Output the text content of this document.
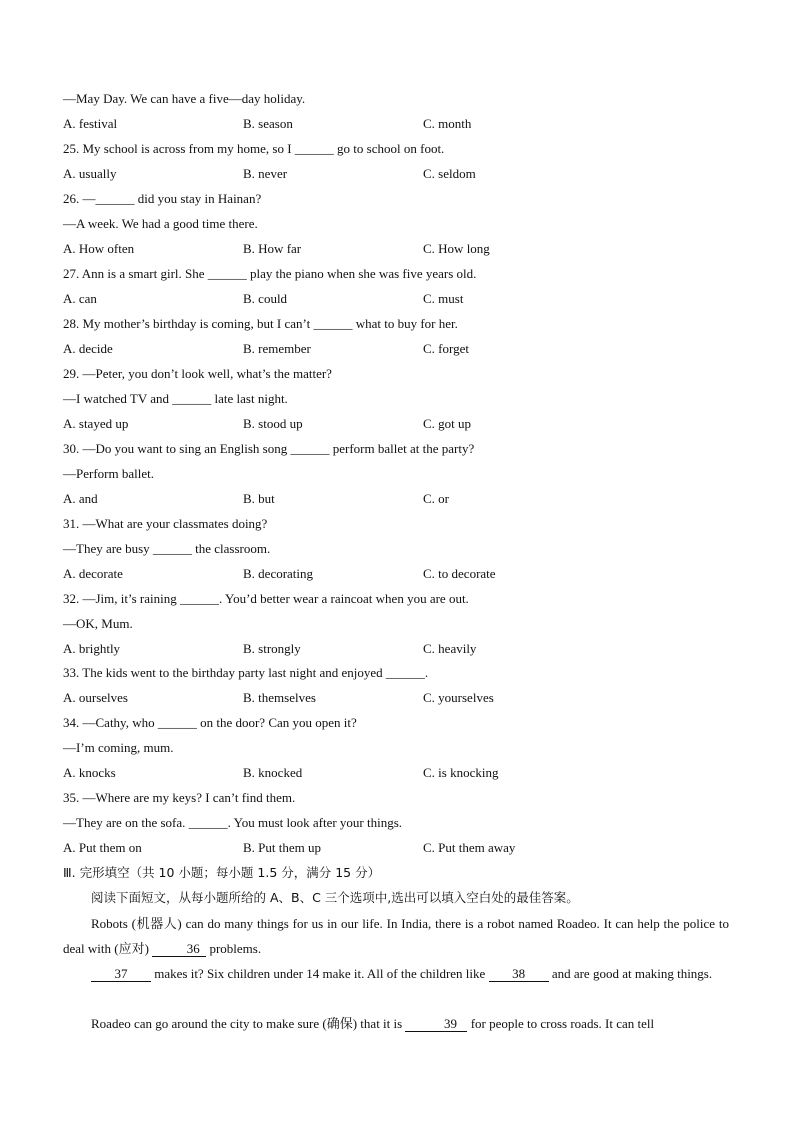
—May Day. We can have a five—day holiday.
A. festival	B. season	C. month
25. My school is across from my home, so I ______ go to school on foot.
A. usually	B. never	C. seldom
26. —______ did you stay in Hainan?
—A week. We had a good time there.
A. How often	B. How far	C. How long
27. Ann is a smart girl. She ______ play the piano when she was five years old.
A. can	B. could	C. must
28. My mother’s birthday is coming, but I can’t ______ what to buy for her.
A. decide	B. remember	C. forget
29. —Peter, you don’t look well, what’s the matter?
—I watched TV and ______ late last night.
A. stayed up	B. stood up	C. got up
30. —Do you want to sing an English song ______ perform ballet at the party?
—Perform ballet.
A. and	B. but	C. or
31. —What are your classmates doing?
—They are busy ______ the classroom.
A. decorate	B. decorating	C. to decorate
32. —Jim, it’s raining ______. You’d better wear a raincoat when you are out.
—OK, Mum.
A. brightly	B. strongly	C. heavily
33. The kids went to the birthday party last night and enjoyed ______.
A. ourselves	B. themselves	C. yourselves
34. —Cathy, who ______ on the door? Can you open it?
—I’m coming, mum.
A. knocks	B. knocked	C. is knocking
35. —Where are my keys? I can’t find them.
—They are on the sofa. ______. You must look after your things.
A. Put them on	B. Put them up	C. Put them away
Ⅲ. 完形填空（共 10 小题；每小题 1.5 分，满分 15 分）
阅读下面短文，从每小题所给的 A、B、C 三个选项中,选出可以填入空白处的最佳答案。
Robots (机器人) can do many things for us in our life. In India, there is a robot named Roadeo. It can help the police to deal with (应对)	36 problems.
37 makes it? Six children under 14 make it. All of the children like 38 and are good at making things.
Roadeo can go around the city to make sure (确保) that it is	39 for people to cross roads. It can tell
